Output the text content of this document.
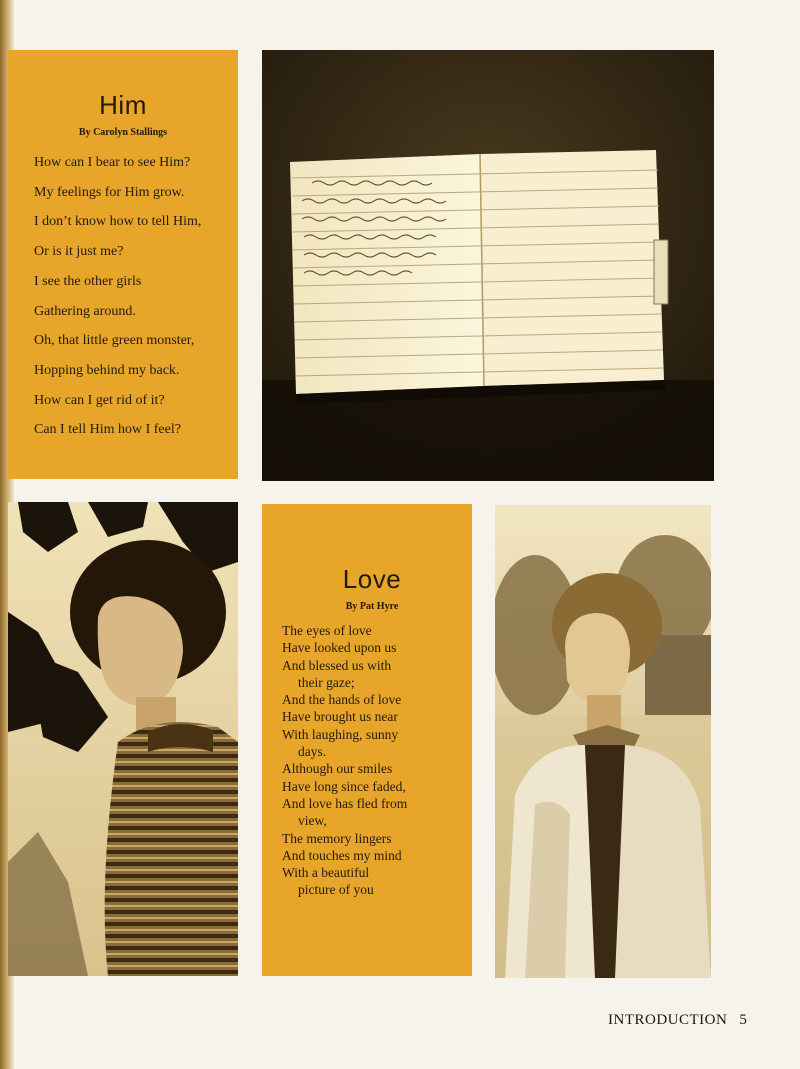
Him
By Carolyn Stallings
How can I bear to see Him?
My feelings for Him grow.
I don’t know how to tell Him,
Or is it just me?
I see the other girls
Gathering around.
Oh, that little green monster,
Hopping behind my back.
How can I get rid of it?
Can I tell Him how I feel?
Love
By Pat Hyre
The eyes of love
Have looked upon us
And blessed us with
their gaze;
And the hands of love
Have brought us near
With laughing, sunny
days.
Although our smiles
Have long since faded,
And love has fled from
view,
The memory lingers
And touches my mind
With a beautiful
picture of you
INTRODUCTION 5
